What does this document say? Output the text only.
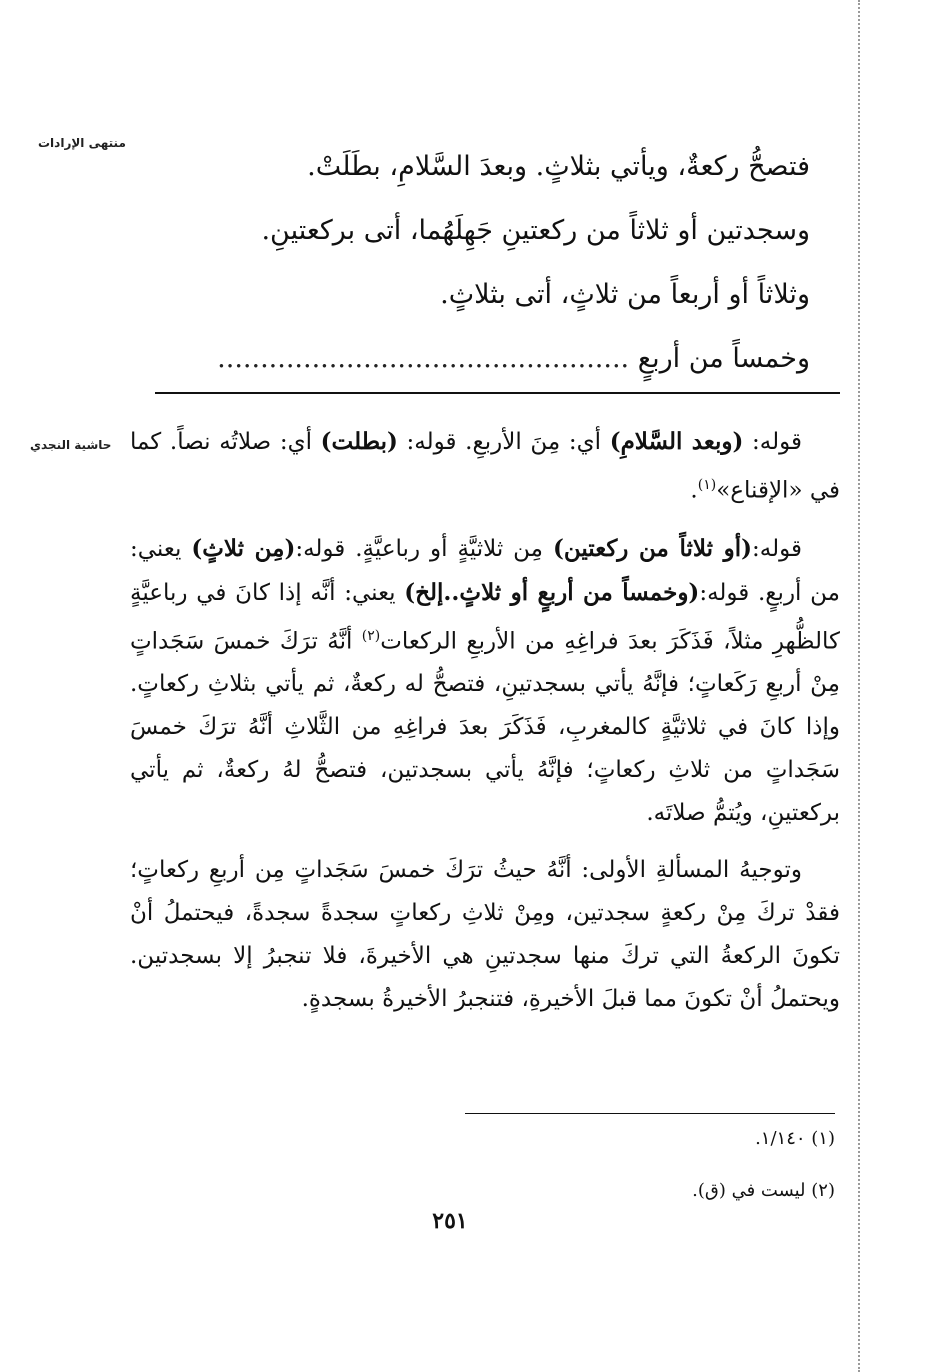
منتهى الإرادات
حاشية النجدي
فتصحُّ ركعةٌ، ويأتي بثلاثٍ. وبعدَ السَّلامِ، بطَلَتْ.
وسجدتين أو ثلاثاً من ركعتينِ جَهِلَهُما، أتى بركعتينِ.
وثلاثاً أو أربعاً من ثلاثٍ، أتى بثلاثٍ.
وخمساً من أربعٍ ................................................

قوله: (وبعد السَّلامِ) أي: مِنَ الأربعِ. قوله: (بطلت) أي: صلاتُه نصاً. كما في «الإقناع»$^{(١)}$.

قوله:(أو ثلاثاً من ركعتين) مِن ثلاثيَّةٍ أو رباعيَّةٍ. قوله:(مِن ثلاثٍ) يعني: من أربعٍ. قوله:(وخمساً من أربعٍ أو ثلاثٍ..إلخ) يعني: أنَّه إذا كانَ في رباعيَّةٍ كالظُّهرِ مثلاً، فَذَكَرَ بعدَ فراغِهِ من الأربعِ الركعات$^{(٢)}$ أنَّهُ ترَكَ خمسَ سَجَداتٍ مِنْ أربعِ رَكَعاتٍ؛ فإنَّهُ يأتي بسجدتينِ، فتصحُّ له ركعةٌ، ثم يأتي بثلاثِ ركعاتٍ. وإذا كانَ في ثلاثيَّةٍ كالمغربِ، فَذَكَرَ بعدَ فراغِهِ من الثَّلاثِ أنَّهُ ترَكَ خمسَ سَجَداتٍ من ثلاثِ ركعاتٍ؛ فإنَّهُ يأتي بسجدتين، فتصحُّ لهُ ركعةٌ، ثم يأتي بركعتينِ، ويُتمُّ صلاتَه.

وتوجيهُ المسألةِ الأولى: أنَّهُ حيثُ ترَكَ خمسَ سَجَداتٍ مِن أربعِ ركعاتٍ؛ فقدْ تركَ مِنْ ركعةٍ سجدتين، ومِنْ ثلاثِ ركعاتٍ سجدةً سجدةً، فيحتملُ أنْ تكونَ الركعةُ التي تركَ منها سجدتينِ هي الأخيرةَ، فلا تنجبرُ إلا بسجدتين. ويحتملُ أنْ تكونَ مما قبلَ الأخيرةِ، فتنجبرُ الأخيرةُ بسجدةٍ.

(١) ١/١٤٠.
(٢) ليست في (ق).
٢٥١
